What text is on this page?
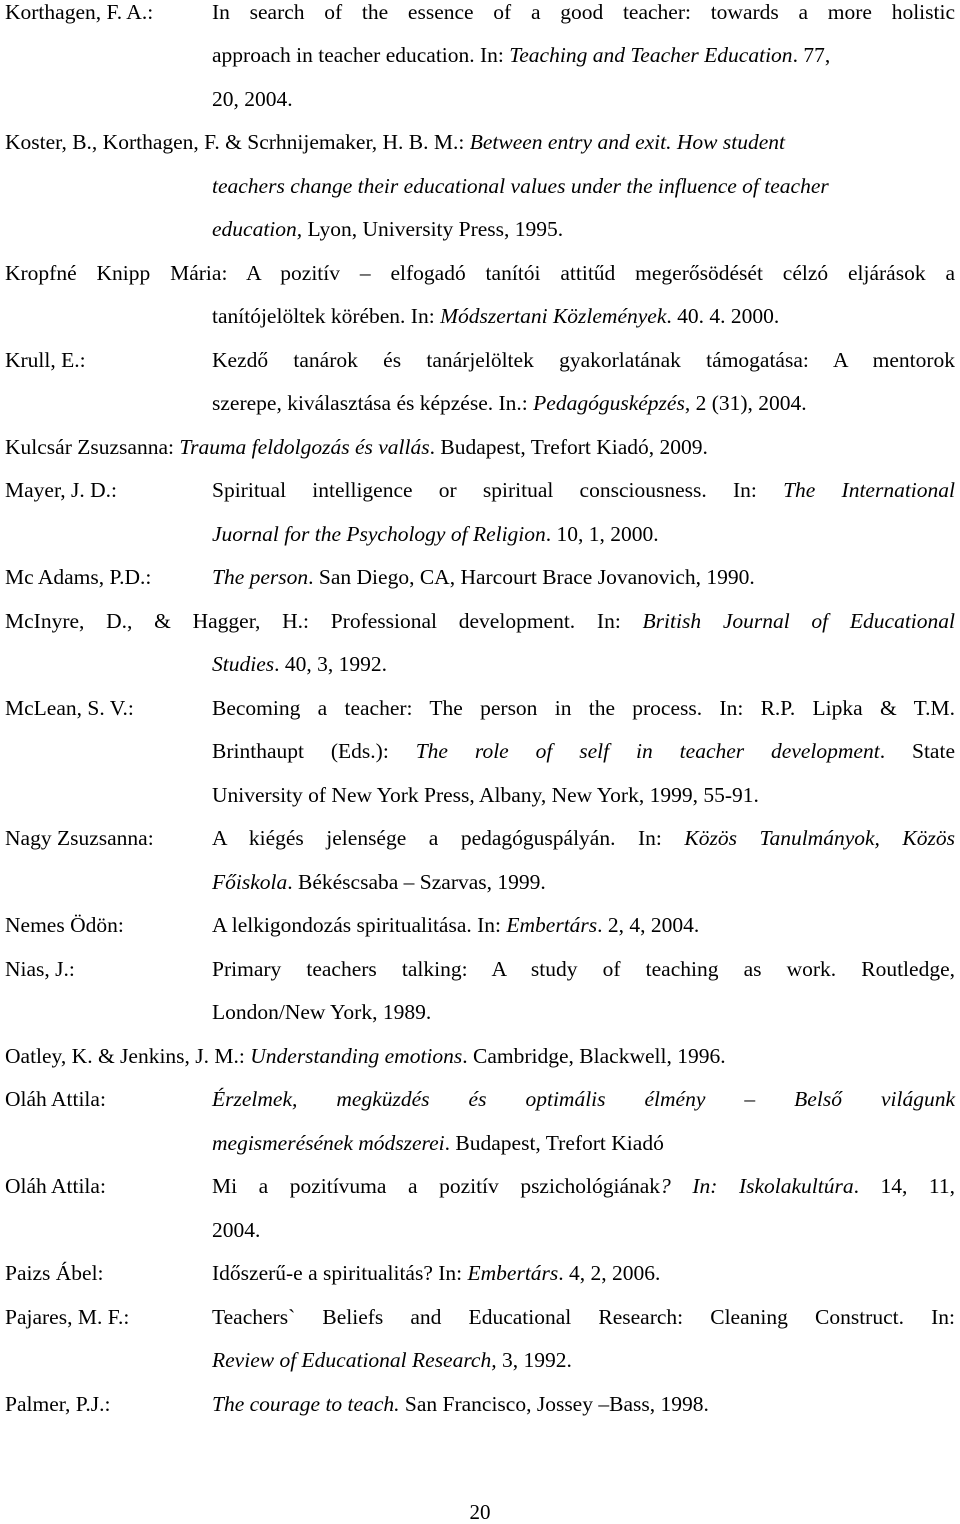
Korthagen, F. A.:	In search of the essence of a good teacher: towards a more holistic
approach in teacher education. In: Teaching and Teacher Education. 77,
20, 2004.
Koster, B., Korthagen, F. & Scrhnijemaker, H. B. M.: Between entry and exit. How student
teachers change their educational values under the influence of teacher
education, Lyon, University Press, 1995.
Kropfné Knipp Mária: A pozitív – elfogadó tanítói attitűd megerősödését célzó eljárások a
tanítójelöltek körében. In: Módszertani Közlemények. 40. 4. 2000.
Krull, E.:	Kezdő tanárok és tanárjelöltek gyakorlatának támogatása: A mentorok
szerepe, kiválasztása és képzése. In.: Pedagógusképzés, 2 (31), 2004.
Kulcsár Zsuzsanna: Trauma feldolgozás és vallás. Budapest, Trefort Kiadó, 2009.
Mayer, J. D.:	Spiritual intelligence or spiritual consciousness. In: The International
Juornal for the Psychology of Religion. 10, 1, 2000.
Mc Adams, P.D.:	The person. San Diego, CA, Harcourt Brace Jovanovich, 1990.
McInyre, D., & Hagger, H.: Professional development. In: British Journal of Educational
Studies. 40, 3, 1992.
McLean, S. V.:	Becoming a teacher: The person in the process. In: R.P. Lipka & T.M.
Brinthaupt (Eds.): The role of self in teacher development. State
University of New York Press, Albany, New York, 1999, 55-91.
Nagy Zsuzsanna:	A kiégés jelensége a pedagóguspályán. In: Közös Tanulmányok, Közös
Főiskola. Békéscsaba – Szarvas, 1999.
Nemes Ödön:	A lelkigondozás spiritualitása. In: Embertárs. 2, 4, 2004.
Nias, J.:	Primary teachers talking: A study of teaching as work. Routledge,
London/New York, 1989.
Oatley, K. & Jenkins, J. M.: Understanding emotions. Cambridge, Blackwell, 1996.
Oláh Attila:	Érzelmek, megküzdés és optimális élmény – Belső világunk
megismerésének módszerei. Budapest, Trefort Kiadó
Oláh Attila:	Mi a pozitívuma a pozitív pszichológiának? In: Iskolakultúra. 14, 11,
2004.
Paizs Ábel:	Időszerű-e a spiritualitás? In: Embertárs. 4, 2, 2006.
Pajares, M. F.:	Teachers` Beliefs and Educational Research: Cleaning Construct. In:
Review of Educational Research, 3, 1992.
Palmer, P.J.:	The courage to teach. San Francisco, Jossey –Bass, 1998.
20
